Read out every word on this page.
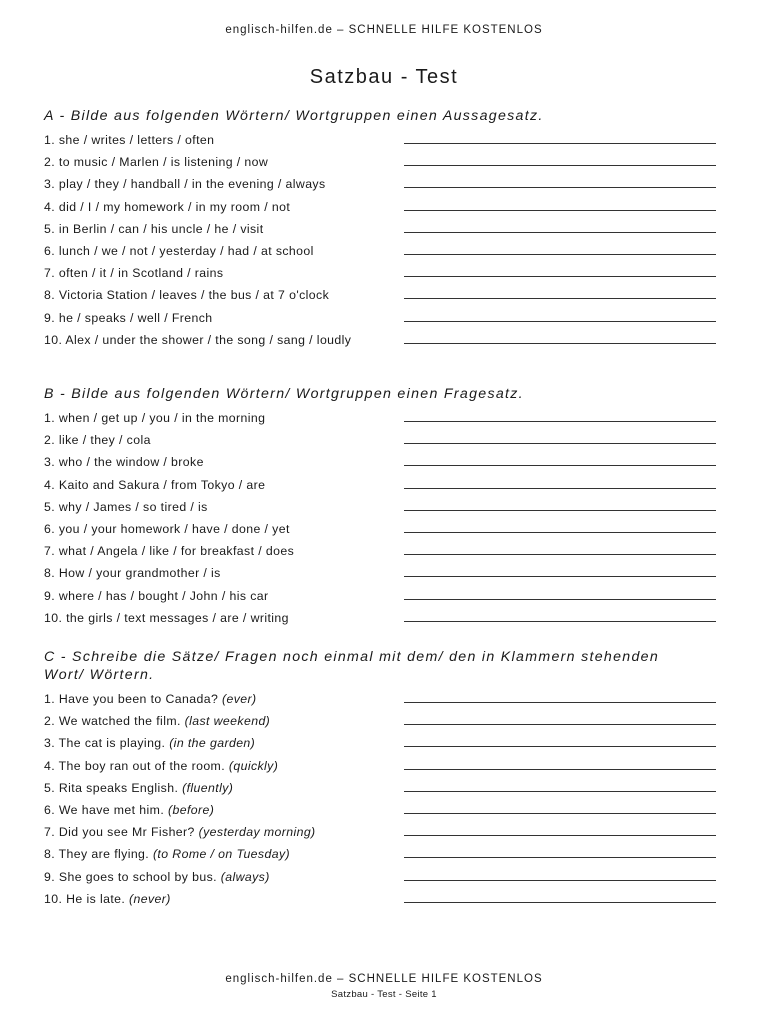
englisch-hilfen.de – SCHNELLE HILFE KOSTENLOS
Satzbau - Test
A - Bilde aus folgenden Wörtern/ Wortgruppen einen Aussagesatz.
1. she / writes / letters / often
2. to music / Marlen / is listening / now
3. play / they / handball / in the evening / always
4. did / I / my homework / in my room / not
5. in Berlin / can / his uncle / he / visit
6. lunch / we / not / yesterday / had / at school
7. often / it / in Scotland / rains
8. Victoria Station / leaves / the bus / at 7 o'clock
9. he / speaks / well / French
10. Alex / under the shower / the song / sang / loudly
B - Bilde aus folgenden Wörtern/ Wortgruppen einen Fragesatz.
1. when / get up / you / in the morning
2. like / they / cola
3. who / the window / broke
4. Kaito and Sakura / from Tokyo / are
5. why / James / so tired / is
6. you / your homework / have / done / yet
7. what / Angela / like / for breakfast / does
8. How / your grandmother / is
9. where / has / bought / John / his car
10. the girls / text messages / are / writing
C - Schreibe die Sätze/ Fragen noch einmal mit dem/ den in Klammern stehenden Wort/ Wörtern.
1. Have you been to Canada? (ever)
2. We watched the film. (last weekend)
3. The cat is playing. (in the garden)
4. The boy ran out of the room. (quickly)
5. Rita speaks English. (fluently)
6. We have met him. (before)
7. Did you see Mr Fisher? (yesterday morning)
8. They are flying. (to Rome / on Tuesday)
9. She goes to school by bus. (always)
10. He is late. (never)
englisch-hilfen.de – SCHNELLE HILFE KOSTENLOS
Satzbau - Test - Seite 1
